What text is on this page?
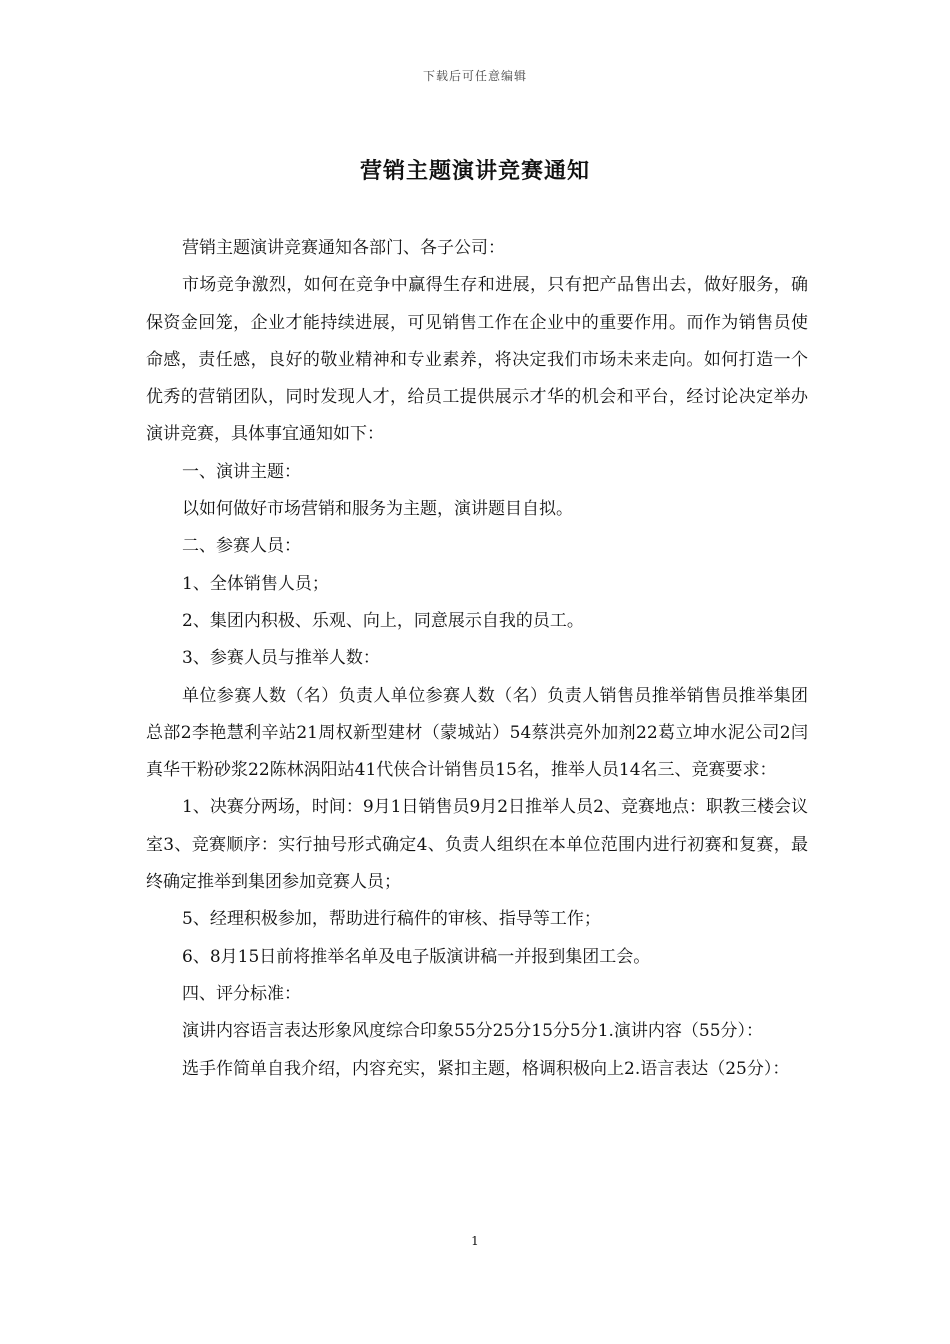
下载后可任意编辑
营销主题演讲竞赛通知

营销主题演讲竞赛通知各部门、各子公司：

市场竞争激烈，如何在竞争中赢得生存和进展，只有把产品售出去，做好服务，确保资金回笼，企业才能持续进展，可见销售工作在企业中的重要作用。而作为销售员使命感，责任感，良好的敬业精神和专业素养，将决定我们市场未来走向。如何打造一个优秀的营销团队，同时发现人才，给员工提供展示才华的机会和平台，经讨论决定举办演讲竞赛，具体事宜通知如下：

一、演讲主题：

以如何做好市场营销和服务为主题，演讲题目自拟。

二、参赛人员：

1、全体销售人员；

2、集团内积极、乐观、向上，同意展示自我的员工。

3、参赛人员与推举人数：

单位参赛人数（名）负责人单位参赛人数（名）负责人销售员推举销售员推举集团总部2李艳慧利辛站21周权新型建材（蒙城站）54蔡洪亮外加剂22葛立坤水泥公司2闫真华干粉砂浆22陈林涡阳站41代侠合计销售员15名，推举人员14名三、竞赛要求：

1、决赛分两场，时间：9月1日销售员9月2日推举人员2、竞赛地点：职教三楼会议室3、竞赛顺序：实行抽号形式确定4、负责人组织在本单位范围内进行初赛和复赛，最终确定推举到集团参加竞赛人员；

5、经理积极参加，帮助进行稿件的审核、指导等工作；

6、8月15日前将推举名单及电子版演讲稿一并报到集团工会。

四、评分标准：

演讲内容语言表达形象风度综合印象55分25分15分5分1.演讲内容（55分）：

选手作简单自我介绍，内容充实，紧扣主题，格调积极向上2.语言表达（25分）：

1
